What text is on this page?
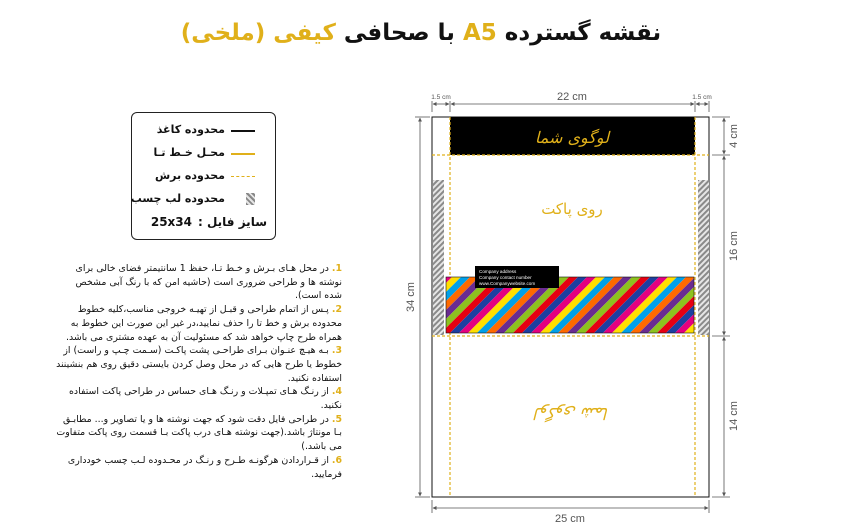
نقشه گسترده A5 با صحافی کیفی (ملخی)
محدوده کاغذ
محـل خـط تـا
محدوده برش
محدوده لب چسب
سایز فایل :25x34

1. در محل هـای بـرش و خـط تـا، حفظ 1 سانتیمتر فضای خالی برای نوشته ها و طراحی ضروری است (حاشیه امن که با رنگ آبی مشخص شده است).

2. پـس از اتمام طراحی و قبـل از تهیـه خروجی مناسب،کلیه خطوط محدوده برش و خط تا را حذف نمایید،در غیر این صورت این خطوط به همراه طرح چاپ خواهد شد که مسئولیت آن به عهده مشتری می باشد.

3. بـه هیـچ عنـوان بـرای طراحـی پشت پاکـت (سـمت چـپ و راست) از خطوط یا طرح هایی که در محل وصل کردن بایستی دقیق روی هم بنشینند استفاده نکنید.

4. از رنـگ هـای تمپـلات و رنـگ هـای حساس در طراحی پاکت استفاده نکنید.

5. در طراحی فایل دقت شود که جهت نوشته ها و یا تصاویر و... مطابـق بـا مونتاژ باشد.(جهت نوشته هـای درب پاکت بـا قسمت روی پاکت متفاوت می باشد.)

6. از قـراردادن هرگونـه طـرح و رنـگ در محـدوده لـب چسب خودداری فرمایید.

لوگوی شما
روی پاکت
Company address
Company contact number
www.Companywebsite.com
لوگوی شما
1.5 cm	22 cm	1.5 cm
34 cm
4 cm
16 cm
14 cm
25 cm
